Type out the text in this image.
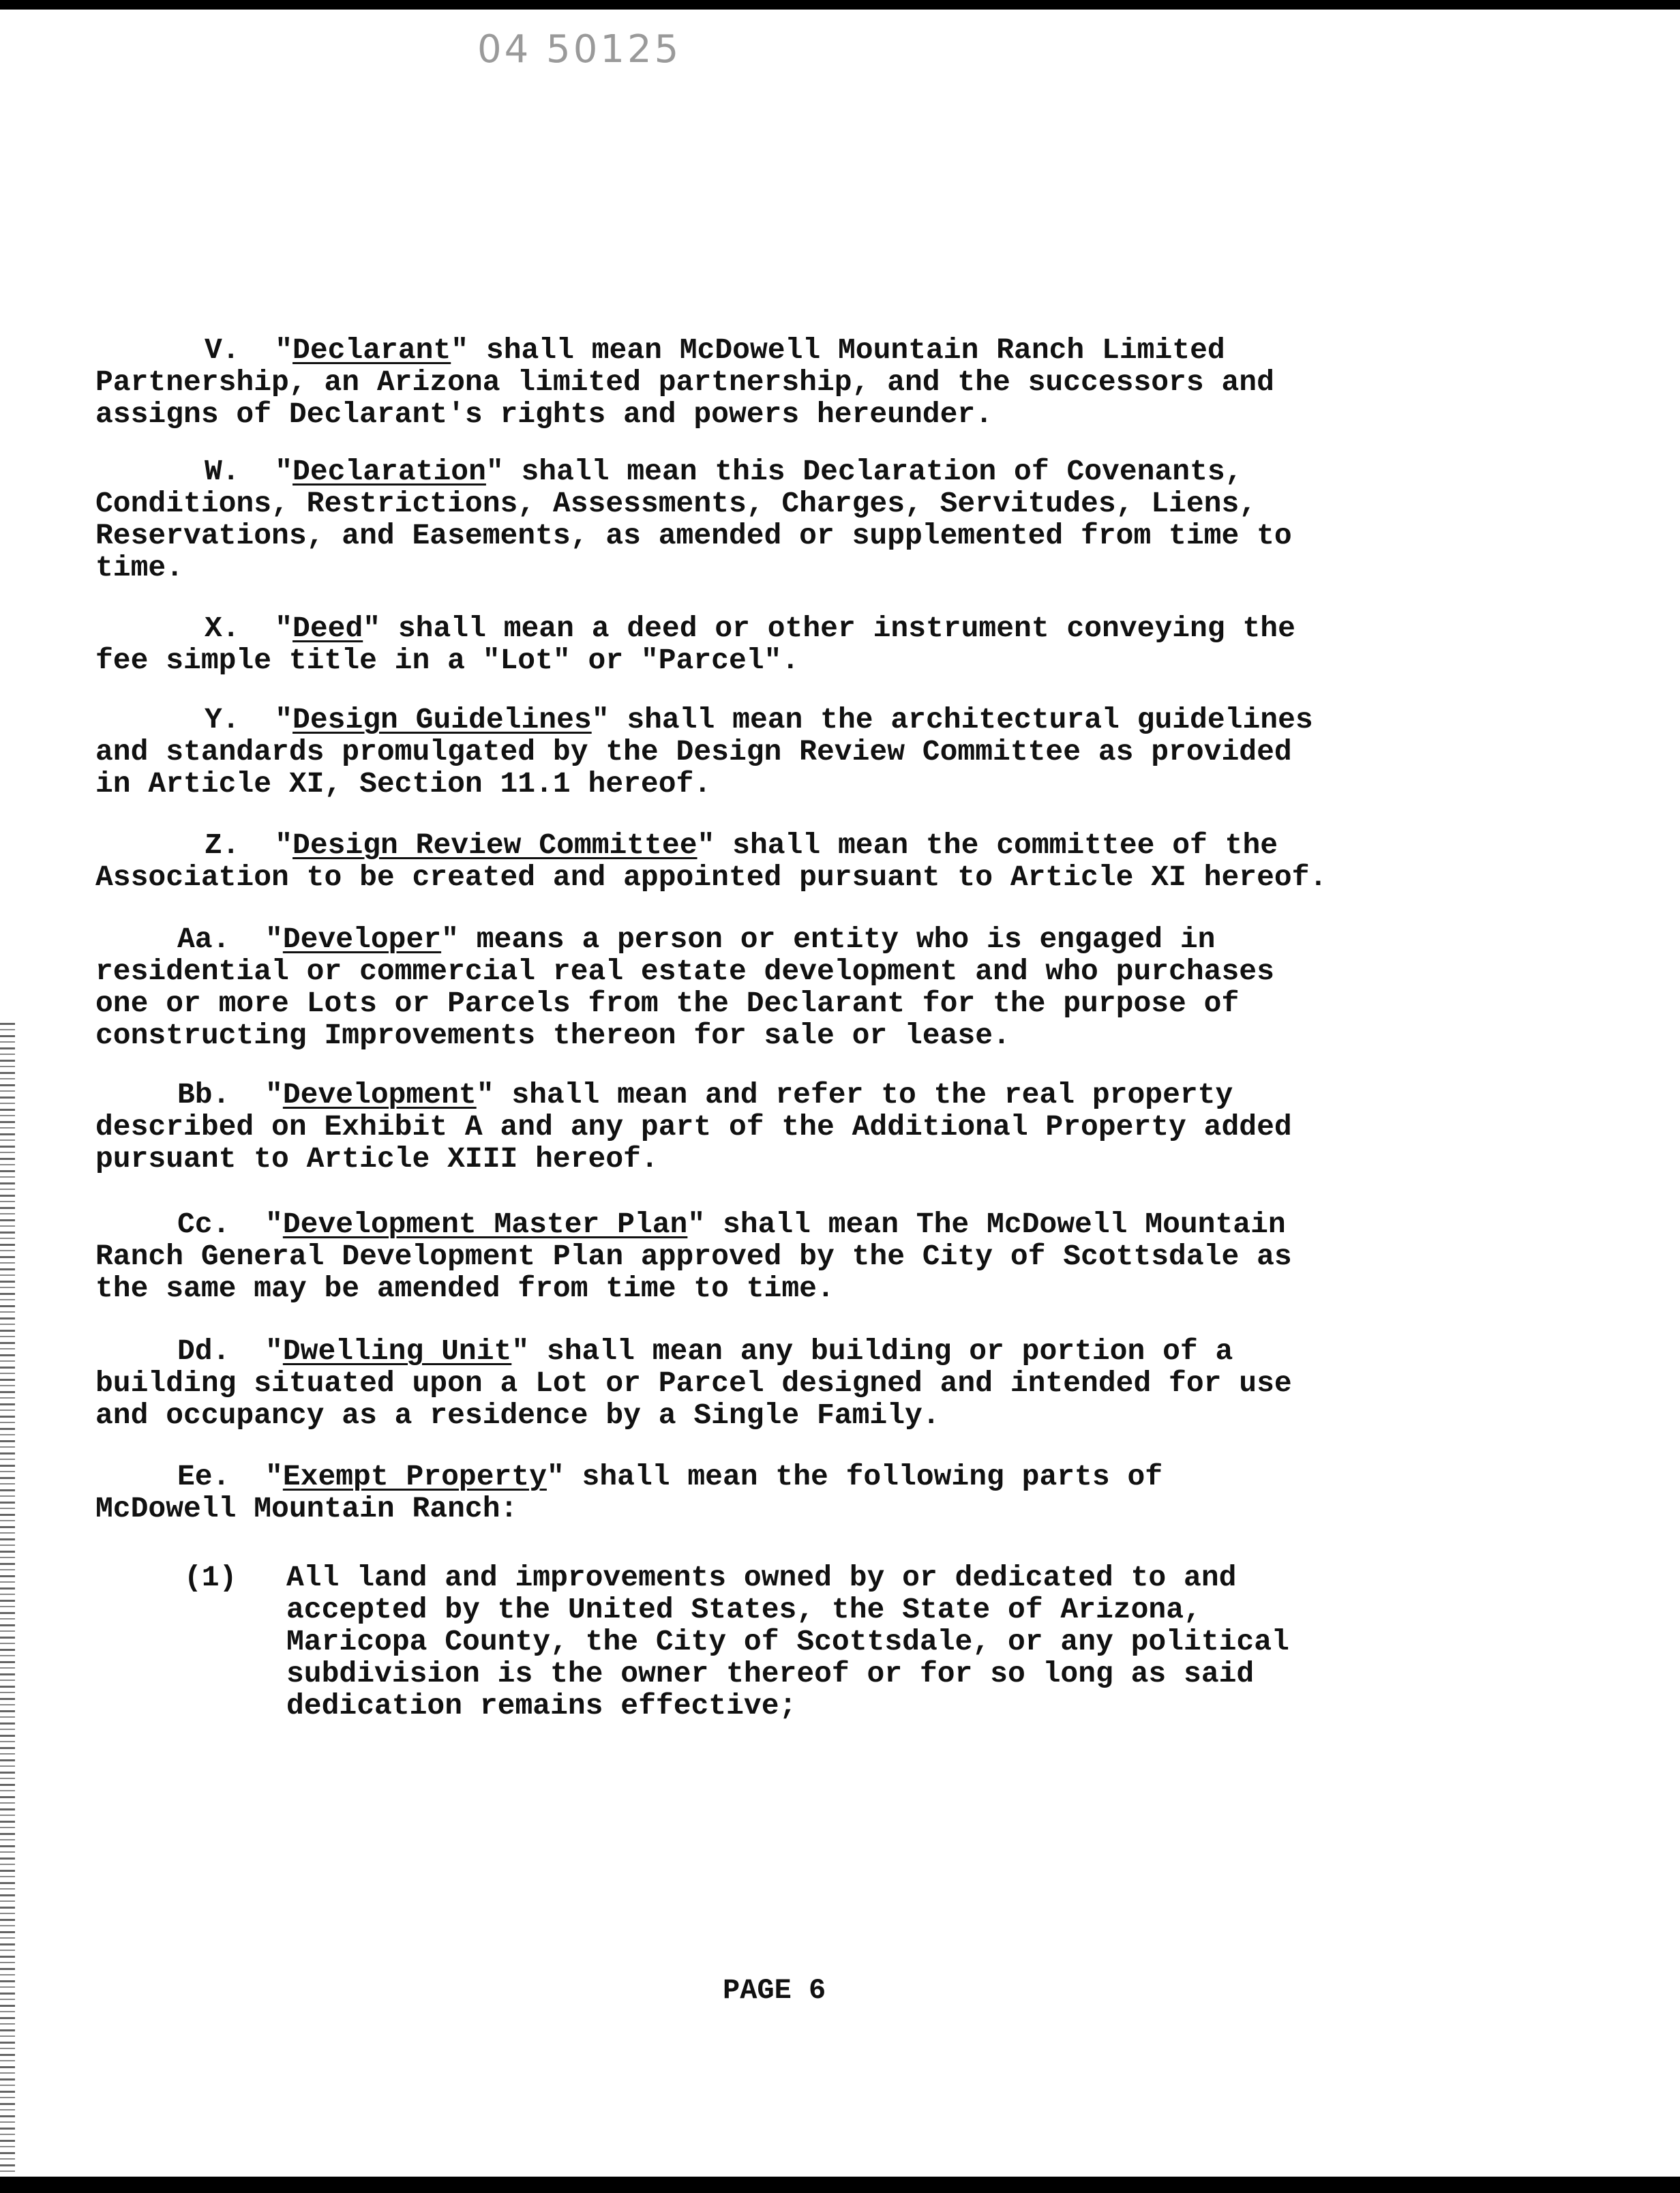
04 50125
V.  "Declarant" shall mean McDowell Mountain Ranch Limited
Partnership, an Arizona limited partnership, and the successors and
assigns of Declarant's rights and powers hereunder.
W.  "Declaration" shall mean this Declaration of Covenants,
Conditions, Restrictions, Assessments, Charges, Servitudes, Liens,
Reservations, and Easements, as amended or supplemented from time to
time.
X.  "Deed" shall mean a deed or other instrument conveying the
fee simple title in a "Lot" or "Parcel".
Y.  "Design Guidelines" shall mean the architectural guidelines
and standards promulgated by the Design Review Committee as provided
in Article XI, Section 11.1 hereof.
Z.  "Design Review Committee" shall mean the committee of the
Association to be created and appointed pursuant to Article XI hereof.
Aa.  "Developer" means a person or entity who is engaged in
residential or commercial real estate development and who purchases
one or more Lots or Parcels from the Declarant for the purpose of
constructing Improvements thereon for sale or lease.
Bb.  "Development" shall mean and refer to the real property
described on Exhibit A and any part of the Additional Property added
pursuant to Article XIII hereof.
Cc.  "Development Master Plan" shall mean The McDowell Mountain
Ranch General Development Plan approved by the City of Scottsdale as
the same may be amended from time to time.
Dd.  "Dwelling Unit" shall mean any building or portion of a
building situated upon a Lot or Parcel designed and intended for use
and occupancy as a residence by a Single Family.
Ee.  "Exempt Property" shall mean the following parts of
McDowell Mountain Ranch:
(1) All land and improvements owned by or dedicated to and
accepted by the United States, the State of Arizona,
Maricopa County, the City of Scottsdale, or any political
subdivision is the owner thereof or for so long as said
dedication remains effective;
PAGE 6
